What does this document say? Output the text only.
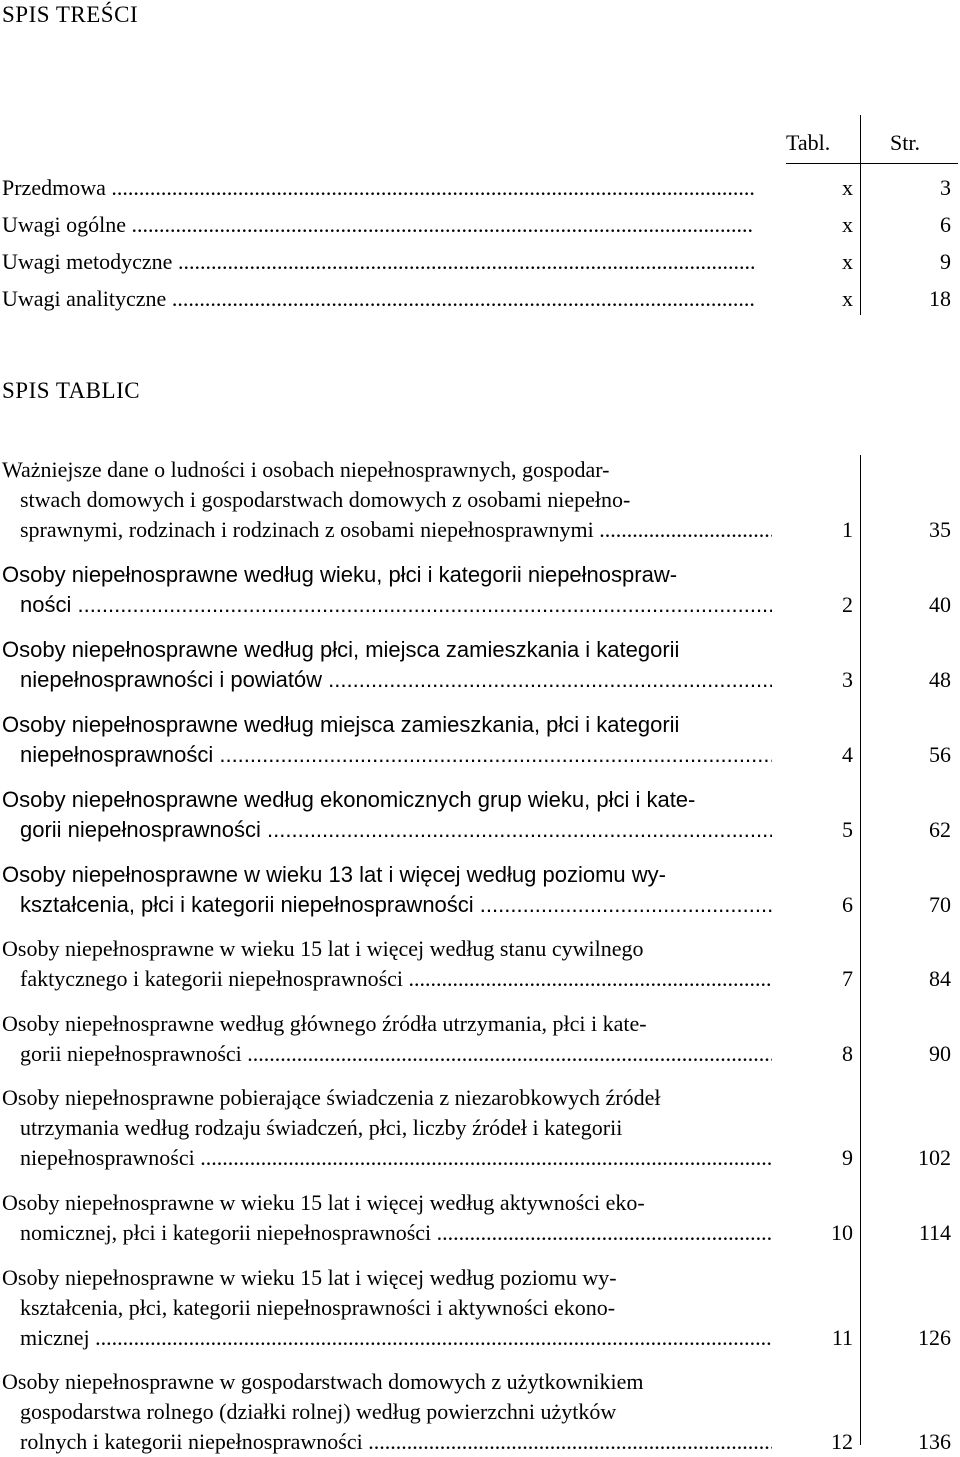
SPIS TREŚCI
Tabl.	Str.
Przedmowa .....	x	3
Uwagi ogólne .....	x	6
Uwagi metodyczne .....	x	9
Uwagi analityczne .....	x	18
SPIS TABLIC
Ważniejsze dane o ludności i osobach niepełnosprawnych, gospodar-
stwach domowych i gospodarstwach domowych z osobami niepełno-
sprawnymi, rodzinach i rodzinach z osobami niepełnosprawnymi .....	1	35
Osoby niepełnosprawne według wieku, płci i kategorii niepełnospraw-
ności .....	2	40
Osoby niepełnosprawne według płci, miejsca zamieszkania i kategorii
niepełnosprawności i powiatów .....	3	48
Osoby niepełnosprawne według miejsca zamieszkania, płci i kategorii
niepełnosprawności .....	4	56
Osoby niepełnosprawne według ekonomicznych grup wieku, płci i kate-
gorii niepełnosprawności .....	5	62
Osoby niepełnosprawne w wieku 13 lat i więcej według poziomu wy-
kształcenia, płci i kategorii niepełnosprawności .....	6	70
Osoby niepełnosprawne w wieku 15 lat i więcej według stanu cywilnego
faktycznego i kategorii niepełnosprawności .....	7	84
Osoby niepełnosprawne według głównego źródła utrzymania, płci i kate-
gorii niepełnosprawności .....	8	90
Osoby niepełnosprawne pobierające świadczenia z niezarobkowych źródeł
utrzymania według rodzaju świadczeń, płci, liczby źródeł i kategorii
niepełnosprawności .....	9	102
Osoby niepełnosprawne w wieku 15 lat i więcej według aktywności eko-
nomicznej, płci i kategorii niepełnosprawności .....	10	114
Osoby niepełnosprawne w wieku 15 lat i więcej według poziomu wy-
kształcenia, płci, kategorii niepełnosprawności i aktywności ekono-
micznej .....	11	126
Osoby niepełnosprawne w gospodarstwach domowych z użytkownikiem
gospodarstwa rolnego (działki rolnej) według powierzchni użytków
rolnych i kategorii niepełnosprawności .....	12	136
